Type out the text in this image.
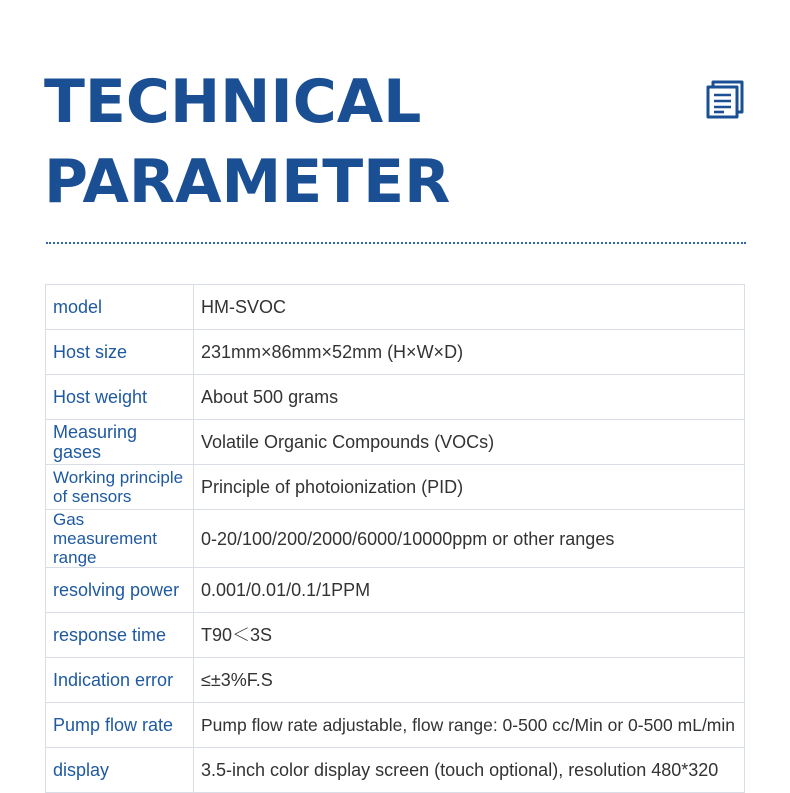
TECHNICAL
PARAMETER
model	HM-SVOC
Host size	231mm×86mm×52mm (H×W×D)
Host weight	About 500 grams
Measuring gases	Volatile Organic Compounds (VOCs)
Working principle of sensors	Principle of photoionization (PID)
Gas measurement range	0-20/100/200/2000/6000/10000ppm or other ranges
resolving power	0.001/0.01/0.1/1PPM
response time	T90＜3S
Indication error	≤±3%F.S
Pump flow rate	Pump flow rate adjustable, flow range: 0-500 cc/Min or 0-500 mL/min
display	3.5-inch color display screen (touch optional), resolution 480*320
